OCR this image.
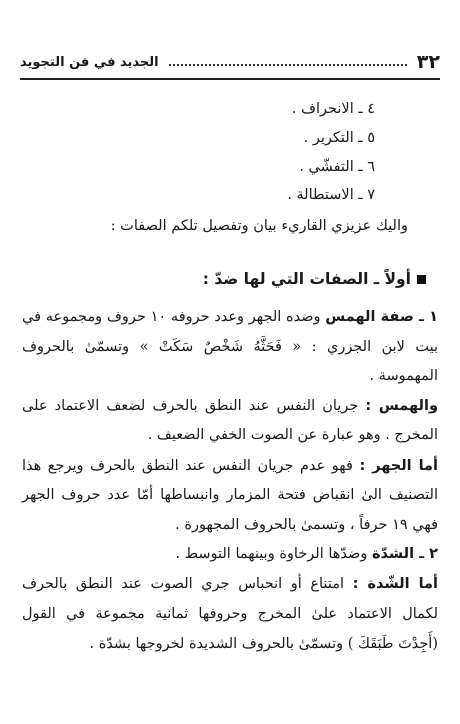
٣٢
الجديد في فن التجويد

٤ ـ الانحراف .

٥ ـ التكرير .

٦ ـ التفشّي .

٧ ـ الاستطالة .

واليك عزيزي القاريء بيان وتفصيل تلكم الصفات :

أولاً ـ الصفات التي لها ضدّ :

١ ـ صفة الهمس وضده الجهر وعدد حروفه ١٠ حروف ومجموعه في

بيت لابن الجزري : « فَحَثَّهُ شَخْصٌ سَكَتْ » وتسمّىٰ بالحروف

المهموسة .

والهمس : جريان النفس عند النطق بالحرف لضعف الاعتماد على

المخرج . وهو عبارة عن الصوت الخفي الضعيف .

أما الجهر : فهو عدم جريان النفس عند النطق بالحرف ويرجع هذا

التصنيف الىٰ انقباض فتحة المزمار وانبساطها أمّا عدد حروف الجهر

فهي ١٩ حرفاً ، وتسمىٰ بالحروف المجهورة .

٢ ـ الشدّة وضدّها الرخاوة وبينهما التوسط .

أما الشّدة : امتناع أو انحباس جري الصوت عند النطق بالحرف

لكمال الاعتماد علىٰ المخرج وحروفها ثمانية مجموعة في القول

(أَجِدْتَ طَبَقَكَ ) وتسمّىٰ بالحروف الشديدة لخروجها بشدّة .
